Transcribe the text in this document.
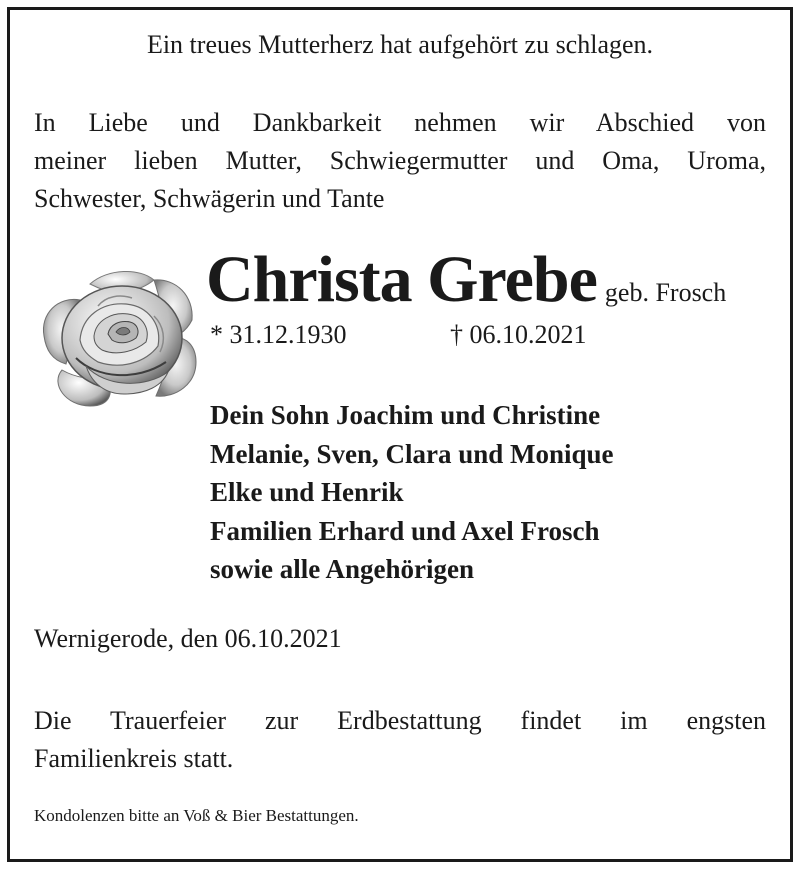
Ein treues Mutterherz hat aufgehört zu schlagen.
In Liebe und Dankbarkeit nehmen wir Abschied von
meiner lieben Mutter, Schwiegermutter und Oma, Uroma,
Schwester, Schwägerin und Tante
Christa Grebe geb. Frosch
* 31.12.1930	† 06.10.2021
Dein Sohn Joachim und Christine
Melanie, Sven, Clara und Monique
Elke und Henrik
Familien Erhard und Axel Frosch
sowie alle Angehörigen
Wernigerode, den 06.10.2021
Die Trauerfeier zur Erdbestattung findet im engsten
Familienkreis statt.
Kondolenzen bitte an Voß & Bier Bestattungen.
